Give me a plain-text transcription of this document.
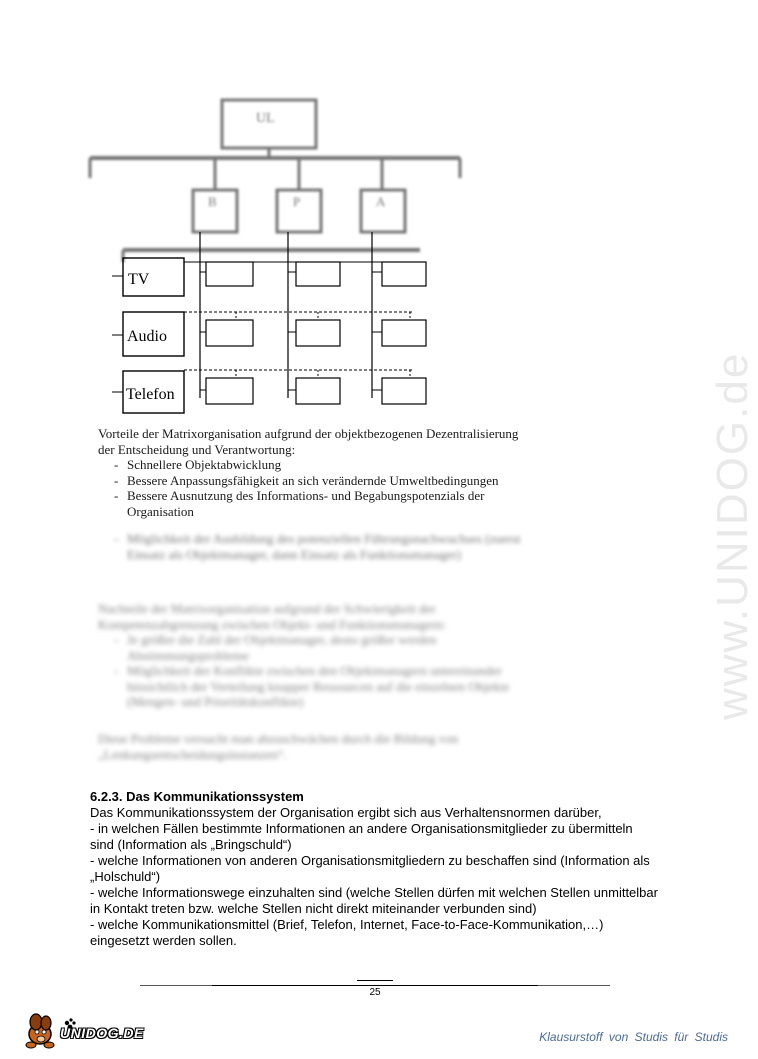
UL
B	P	A
TV
Audio
Telefon

Vorteile der Matrixorganisation aufgrund der objektbezogenen Dezentralisierung der Entscheidung und Verantwortung:

- Schnellere Objektabwicklung
- Bessere Anpassungsfähigkeit an sich verändernde Umweltbedingungen
- Bessere Ausnutzung des Informations- und Begabungspotenzials der Organisation
- Möglichkeit der Ausbildung des potenziellen Führungsnachwuchses (zuerst Einsatz als Objektmanager, dann Einsatz als Funktionsmanager)

Nachteile der Matrixorganisation aufgrund der Schwierigkeit der Kompetenzabgrenzung zwischen Objekt- und Funktionsmanagern:

- Je größer die Zahl der Objektmanager, desto größer werden Abstimmungsprobleme
- Möglichkeit der Konflikte zwischen den Objektmanagern untereinander hinsichtlich der Verteilung knapper Ressourcen auf die einzelnen Objekte (Mengen- und Prioritätskonflikte)

Diese Probleme versucht man abzuschwächen durch die Bildung von „Lenkungsentscheidungsinstanzen“.

www.UNIDOG.de
6.2.3. Das Kommunikationssystem

Das Kommunikationssystem der Organisation ergibt sich aus Verhaltensnormen darüber,

- in welchen Fällen bestimmte Informationen an andere Organisationsmitglieder zu übermitteln sind (Information als „Bringschuld“)

- welche Informationen von anderen Organisationsmitgliedern zu beschaffen sind (Information als „Holschuld“)

- welche Informationswege einzuhalten sind (welche Stellen dürfen mit welchen Stellen unmittelbar in Kontakt treten bzw. welche Stellen nicht direkt miteinander verbunden sind)

- welche Kommunikationsmittel (Brief, Telefon, Internet, Face-to-Face-Kommunikation,…) eingesetzt werden sollen.

25
UNIDOG.DE	Klausurstoff von Studis für Studis
